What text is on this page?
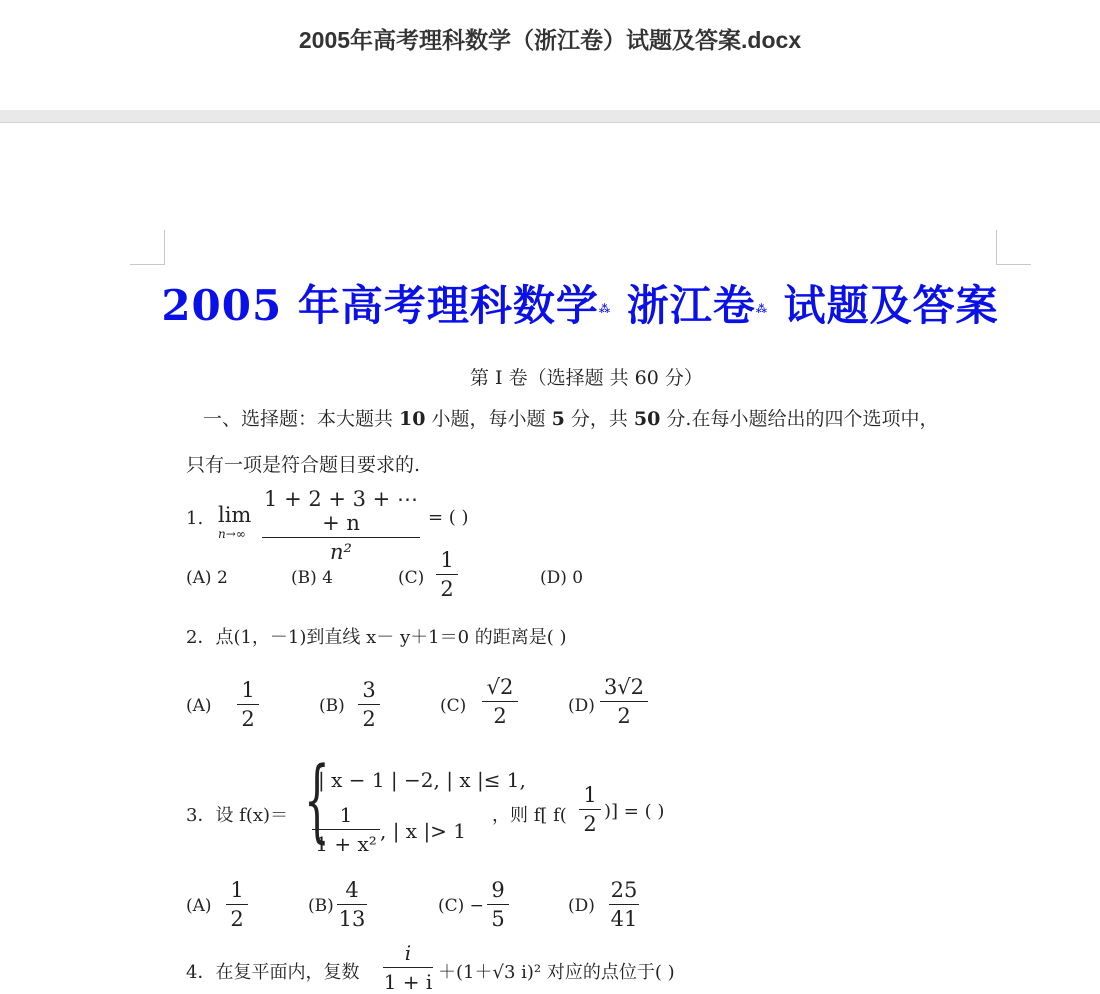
2005年高考理科数学（浙江卷）试题及答案.docx
2005 年高考理科数学⁂ 浙江卷⁂ 试题及答案
第 I 卷（选择题 共 60 分）
一、选择题：本大题共 10 小题，每小题 5 分，共 50 分.在每小题给出的四个选项中，
只有一项是符合题目要求的.
1. lim
n→∞
1 + 2 + 3 + ⋯ + n
n²
= ( )
(A) 2	(B) 4	(C)
1
2	(D) 0
2．点(1，－1)到直线 x－ y＋1＝0 的距离是( )
(A)
1
2
(B)
3
2
(C)
√2
2	(D)
3√2
2
3．设 f(x)＝ {
| x − 1 | −2, | x |≤ 1,
1
1 + x²
, | x |> 1
，则 f[ f(
1
2
)] = ( )
(A)
1
2
(B)
4
13
(C) −
9
5
(D)
25
41
4．在复平面内，复数
i
1 + i ＋(1＋√3 i)² 对应的点位于( )
